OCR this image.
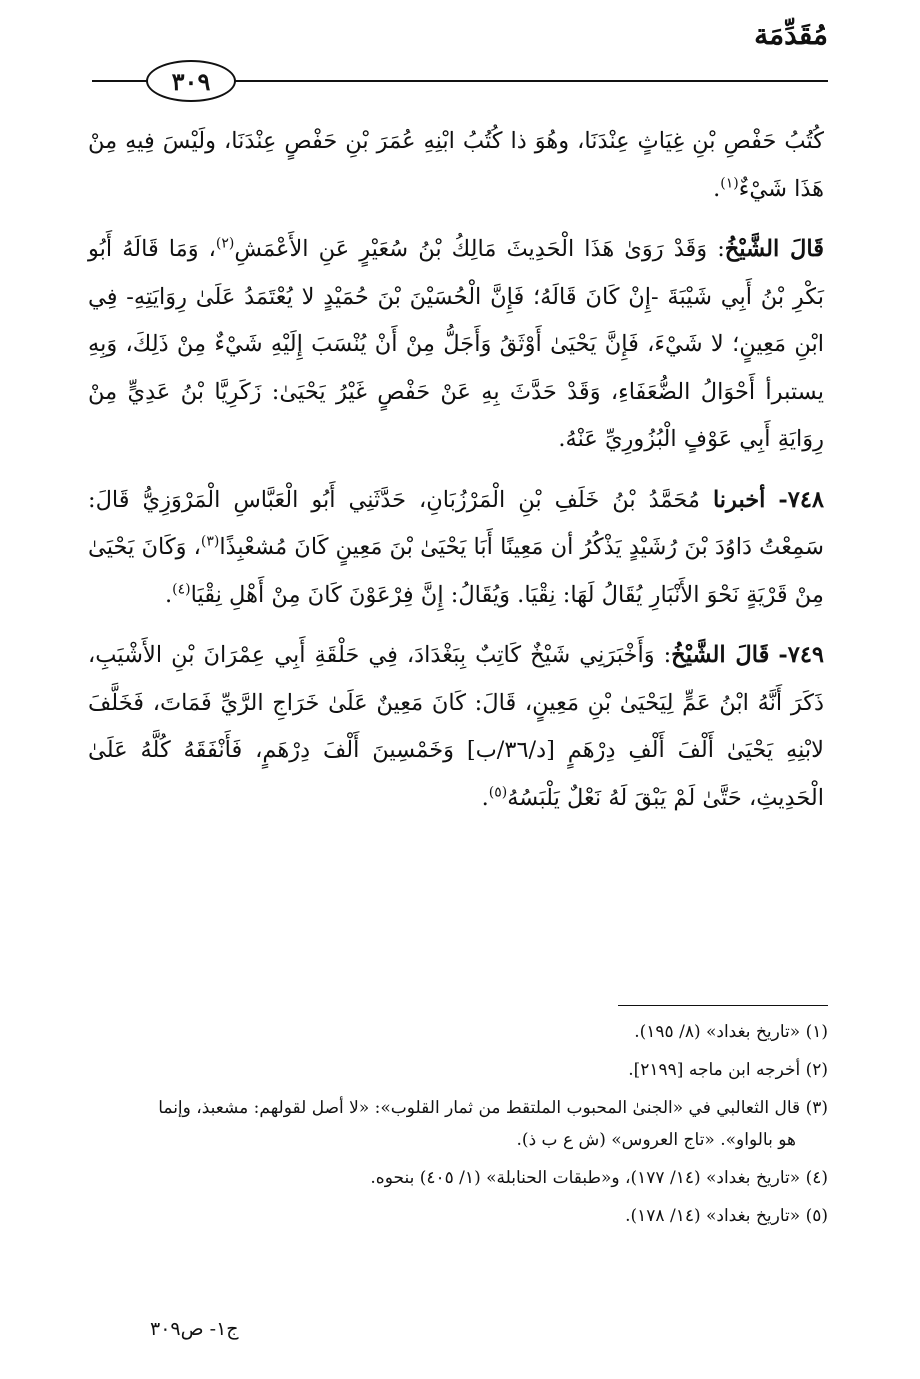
مُقَدِّمَة
٣٠٩

كُتُبُ حَفْصِ بْنِ غِيَاثٍ عِنْدَنَا، وهُوَ ذا كُتُبُ ابْنِهِ عُمَرَ بْنِ حَفْصٍ عِنْدَنَا، ولَيْسَ فِيهِ مِنْ هَذَا شَيْءٌ$^{(١)}$.

قَالَ الشَّيْخُ: وَقَدْ رَوَىٰ هَذَا الْحَدِيثَ مَالِكُ بْنُ سُعَيْرٍ عَنِ الأَعْمَشِ$^{(٢)}$، وَمَا قَالَهُ أَبُو بَكْرِ بْنُ أَبِي شَيْبَةَ -إِنْ كَانَ قَالَهُ؛ فَإِنَّ الْحُسَيْنَ بْنَ حُمَيْدٍ لا يُعْتَمَدُ عَلَىٰ رِوَايَتِهِ- فِي ابْنِ مَعِينٍ؛ لا شَيْءَ، فَإِنَّ يَحْيَىٰ أَوْثَقُ وَأَجَلُّ مِنْ أَنْ يُنْسَبَ إِلَيْهِ شَيْءٌ مِنْ ذَلِكَ، وَبِهِ يستبرأ أَحْوَالُ الضُّعَفَاءِ، وَقَدْ حَدَّثَ بِهِ عَنْ حَفْصٍ غَيْرُ يَحْيَىٰ: زَكَرِيَّا بْنُ عَدِيٍّ مِنْ رِوَايَةِ أَبِي عَوْفٍ الْبُزُورِيِّ عَنْهُ.

٧٤٨- أخبرنا مُحَمَّدُ بْنُ خَلَفِ بْنِ الْمَرْزُبَانِ، حَدَّثَنِي أَبُو الْعَبَّاسِ الْمَرْوَزِيُّ قَالَ: سَمِعْتُ دَاوُدَ بْنَ رُشَيْدٍ يَذْكُرُ أن مَعِينًا أَبَا يَحْيَىٰ بْنَ مَعِينٍ كَانَ مُشعْبِذًا$^{(٣)}$، وَكَانَ يَحْيَىٰ مِنْ قَرْيَةٍ نَحْوَ الأَنْبَارِ يُقَالُ لَهَا: نِقْيَا. وَيُقَالُ: إِنَّ فِرْعَوْنَ كَانَ مِنْ أَهْلِ نِقْيَا$^{(٤)}$.

٧٤٩- قَالَ الشَّيْخُ: وَأَخْبَرَنِي شَيْخٌ كَاتِبٌ بِبَغْدَادَ، فِي حَلْقَةِ أَبِي عِمْرَانَ بْنِ الأَشْيَبِ، ذَكَرَ أَنَّهُ ابْنُ عَمٍّ لِيَحْيَىٰ بْنِ مَعِينٍ، قَالَ: كَانَ مَعِينٌ عَلَىٰ خَرَاجِ الرَّيِّ فَمَاتَ، فَخَلَّفَ لابْنِهِ يَحْيَىٰ أَلْفَ أَلْفِ دِرْهَمٍ [د/٣٦/ب] وَخَمْسِينَ أَلْفَ دِرْهَمٍ، فَأَنْفَقَهُ كُلَّهُ عَلَىٰ الْحَدِيثِ، حَتَّىٰ لَمْ يَبْقَ لَهُ نَعْلٌ يَلْبَسُهُ$^{(٥)}$.

(١) «تاريخ بغداد» (٨/ ١٩٥).
(٢) أخرجه ابن ماجه [٢١٩٩].
(٣) قال الثعالبي في «الجنىٰ المحبوب الملتقط من ثمار القلوب»: «لا أصل لقولهم: مشعبذ، وإنما
هو بالواو». «تاج العروس» (ش ع ب ذ).
(٤) «تاريخ بغداد» (١٤/ ١٧٧)، و«طبقات الحنابلة» (١/ ٤٠٥) بنحوه.
(٥) «تاريخ بغداد» (١٤/ ١٧٨).
ج١- ص٣٠٩
